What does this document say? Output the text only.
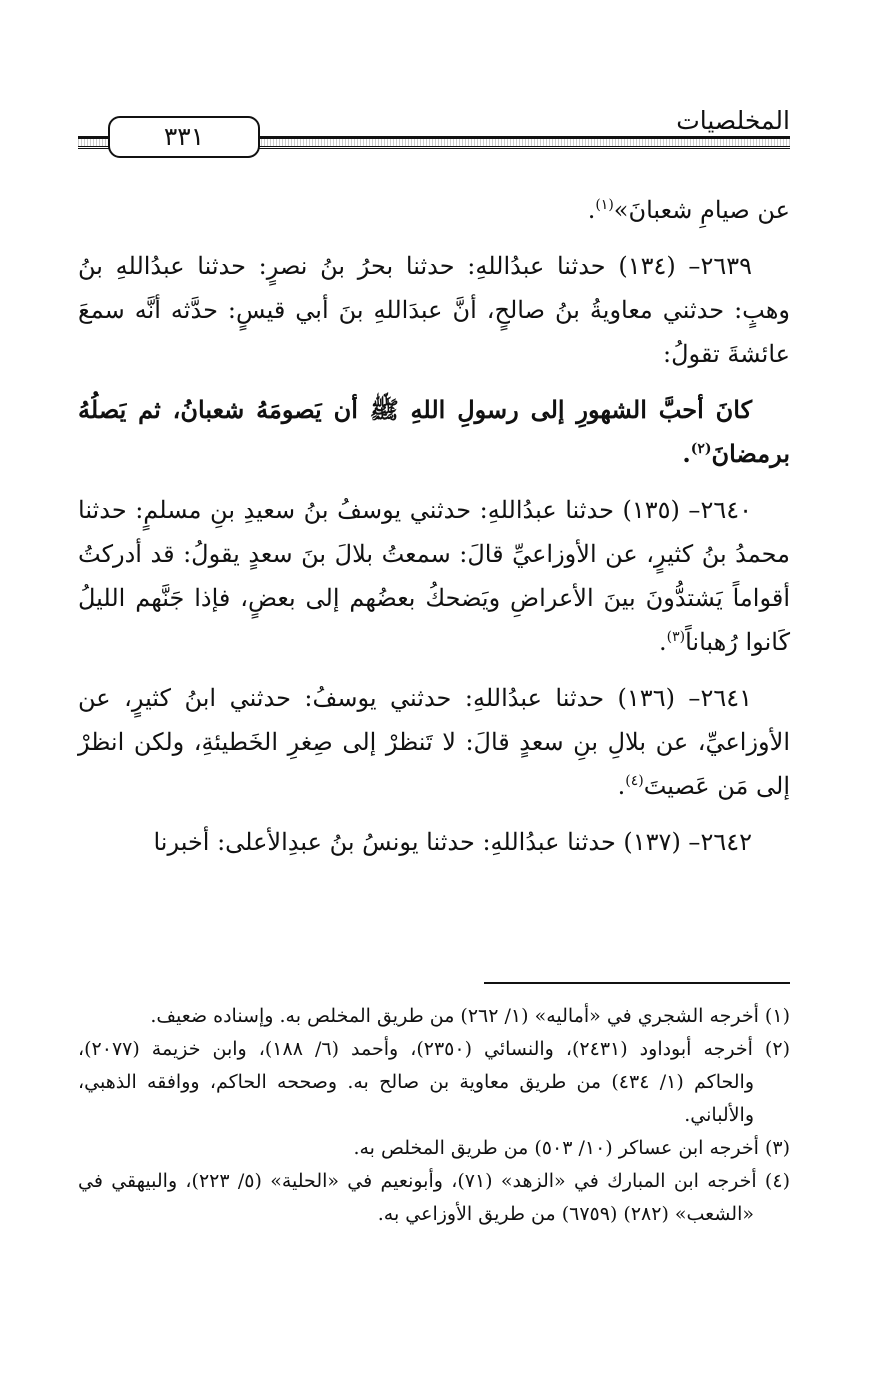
المخلصيات
٣٣١

عن صيامِ شعبانَ»$^{(١)}$.

٢٦٣٩– (١٣٤) حدثنا عبدُاللهِ: حدثنا بحرُ بنُ نصرٍ: حدثنا عبدُاللهِ بنُ وهبٍ: حدثني معاويةُ بنُ صالحٍ، أنَّ عبدَاللهِ بنَ أبي قيسٍ: حدَّثه أنَّه سمعَ عائشةَ تقولُ:

كانَ أحبَّ الشهورِ إلى رسولِ اللهِ ﷺ أن يَصومَهُ شعبانُ، ثم يَصلُهُ برمضانَ$^{(٢)}$.

٢٦٤٠– (١٣٥) حدثنا عبدُاللهِ: حدثني يوسفُ بنُ سعيدِ بنِ مسلمٍ: حدثنا محمدُ بنُ كثيرٍ، عن الأوزاعيِّ قالَ: سمعتُ بلالَ بنَ سعدٍ يقولُ: قد أدركتُ أقواماً يَشتدُّونَ بينَ الأعراضِ ويَضحكُ بعضُهم إلى بعضٍ، فإذا جَنَّهم الليلُ كَانوا رُهباناً$^{(٣)}$.

٢٦٤١– (١٣٦) حدثنا عبدُاللهِ: حدثني يوسفُ: حدثني ابنُ كثيرٍ، عن الأوزاعيِّ، عن بلالِ بنِ سعدٍ قالَ: لا تَنظرْ إلى صِغرِ الخَطيئةِ، ولكن انظرْ إلى مَن عَصيتَ$^{(٤)}$.

٢٦٤٢– (١٣٧) حدثنا عبدُاللهِ: حدثنا يونسُ بنُ عبدِالأعلى: أخبرنا

(١) أخرجه الشجري في «أماليه» (١/ ٢٦٢) من طريق المخلص به. وإسناده ضعيف.

(٢) أخرجه أبوداود (٢٤٣١)، والنسائي (٢٣٥٠)، وأحمد (٦/ ١٨٨)، وابن خزيمة (٢٠٧٧)، والحاكم (١/ ٤٣٤) من طريق معاوية بن صالح به. وصححه الحاكم، ووافقه الذهبي، والألباني.

(٣) أخرجه ابن عساكر (١٠/ ٥٠٣) من طريق المخلص به.

(٤) أخرجه ابن المبارك في «الزهد» (٧١)، وأبونعيم في «الحلية» (٥/ ٢٢٣)، والبيهقي في «الشعب» (٢٨٢) (٦٧٥٩) من طريق الأوزاعي به.
